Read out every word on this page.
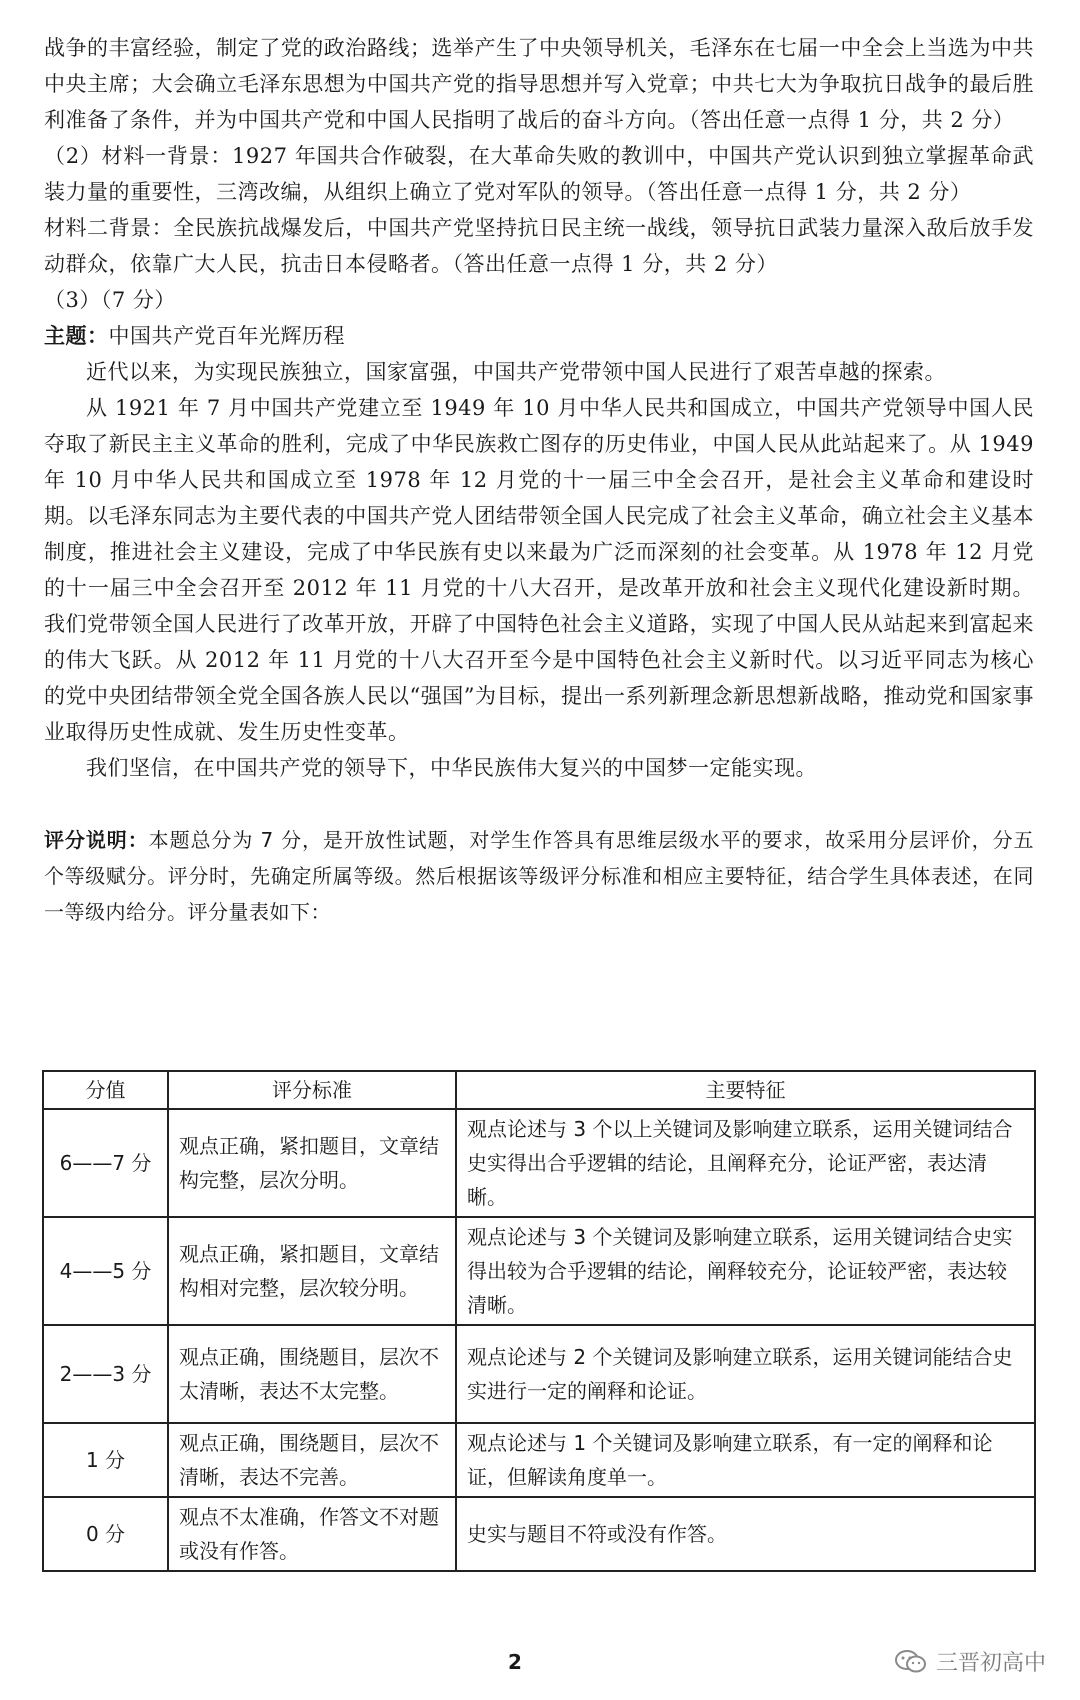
战争的丰富经验，制定了党的政治路线；选举产生了中央领导机关，毛泽东在七届一中全会上当选为中共中央主席；大会确立毛泽东思想为中国共产党的指导思想并写入党章；中共七大为争取抗日战争的最后胜利准备了条件，并为中国共产党和中国人民指明了战后的奋斗方向。（答出任意一点得 1 分，共 2 分）

（2）材料一背景：1927 年国共合作破裂，在大革命失败的教训中，中国共产党认识到独立掌握革命武装力量的重要性，三湾改编，从组织上确立了党对军队的领导。（答出任意一点得 1 分，共 2 分）

材料二背景：全民族抗战爆发后，中国共产党坚持抗日民主统一战线，领导抗日武装力量深入敌后放手发动群众，依靠广大人民，抗击日本侵略者。（答出任意一点得 1 分，共 2 分）

（3）（7 分）

主题：中国共产党百年光辉历程

近代以来，为实现民族独立，国家富强，中国共产党带领中国人民进行了艰苦卓越的探索。

从 1921 年 7 月中国共产党建立至 1949 年 10 月中华人民共和国成立，中国共产党领导中国人民夺取了新民主主义革命的胜利，完成了中华民族救亡图存的历史伟业，中国人民从此站起来了。从 1949 年 10 月中华人民共和国成立至 1978 年 12 月党的十一届三中全会召开，是社会主义革命和建设时期。以毛泽东同志为主要代表的中国共产党人团结带领全国人民完成了社会主义革命，确立社会主义基本制度，推进社会主义建设，完成了中华民族有史以来最为广泛而深刻的社会变革。从 1978 年 12 月党的十一届三中全会召开至 2012 年 11 月党的十八大召开，是改革开放和社会主义现代化建设新时期。我们党带领全国人民进行了改革开放，开辟了中国特色社会主义道路，实现了中国人民从站起来到富起来的伟大飞跃。从 2012 年 11 月党的十八大召开至今是中国特色社会主义新时代。以习近平同志为核心的党中央团结带领全党全国各族人民以“强国”为目标，提出一系列新理念新思想新战略，推动党和国家事业取得历史性成就、发生历史性变革。

我们坚信，在中国共产党的领导下，中华民族伟大复兴的中国梦一定能实现。

评分说明：本题总分为 7 分，是开放性试题，对学生作答具有思维层级水平的要求，故采用分层评价，分五个等级赋分。评分时，先确定所属等级。然后根据该等级评分标准和相应主要特征，结合学生具体表述，在同一等级内给分。评分量表如下：

分值	评分标准	主要特征
6——7 分	观点正确，紧扣题目，文章结构完整，层次分明。	观点论述与 3 个以上关键词及影响建立联系，运用关键词结合史实得出合乎逻辑的结论，且阐释充分，论证严密，表达清晰。
4——5 分	观点正确，紧扣题目，文章结构相对完整，层次较分明。	观点论述与 3 个关键词及影响建立联系，运用关键词结合史实得出较为合乎逻辑的结论，阐释较充分，论证较严密，表达较清晰。
2——3 分	观点正确，围绕题目，层次不太清晰，表达不太完整。	观点论述与 2 个关键词及影响建立联系，运用关键词能结合史实进行一定的阐释和论证。
1 分	观点正确，围绕题目，层次不清晰，表达不完善。	观点论述与 1 个关键词及影响建立联系，有一定的阐释和论证，但解读角度单一。
0 分	观点不太准确，作答文不对题或没有作答。	史实与题目不符或没有作答。
2	三晋初高中
